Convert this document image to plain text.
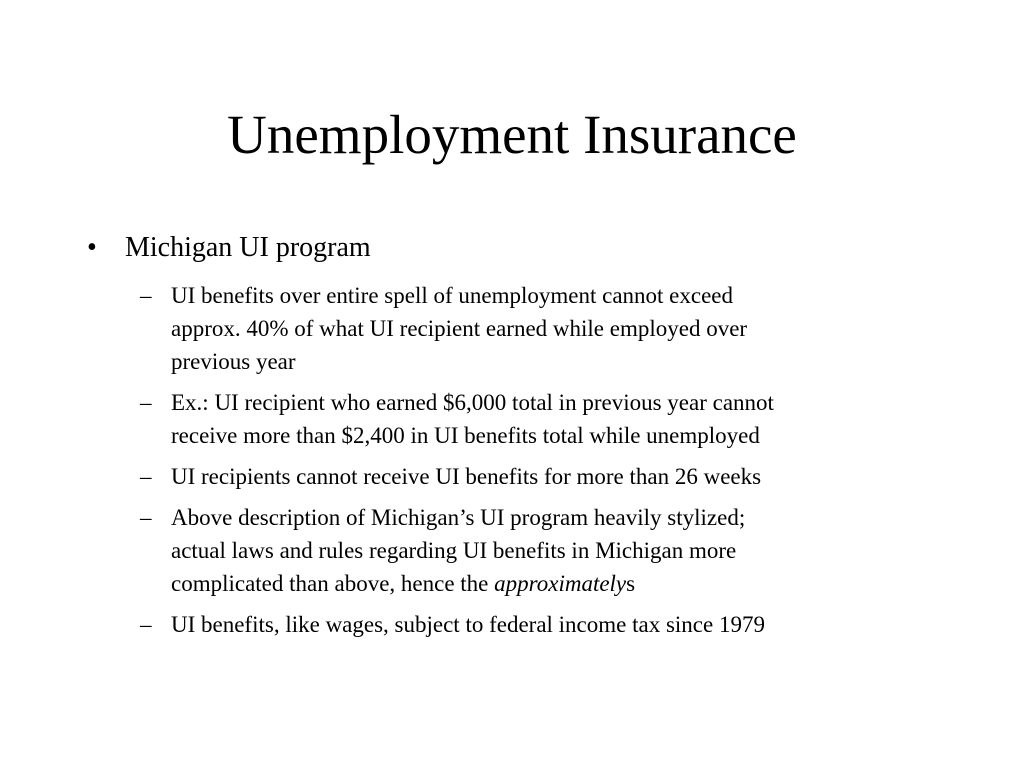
Unemployment Insurance
• Michigan UI program
– UI benefits over entire spell of unemployment cannot exceed
approx. 40% of what UI recipient earned while employed over
previous year
– Ex.: UI recipient who earned $6,000 total in previous year cannot
receive more than $2,400 in UI benefits total while unemployed
– UI recipients cannot receive UI benefits for more than 26 weeks
– Above description of Michigan’s UI program heavily stylized;
actual laws and rules regarding UI benefits in Michigan more
complicated than above, hence the approximatelys
– UI benefits, like wages, subject to federal income tax since 1979
